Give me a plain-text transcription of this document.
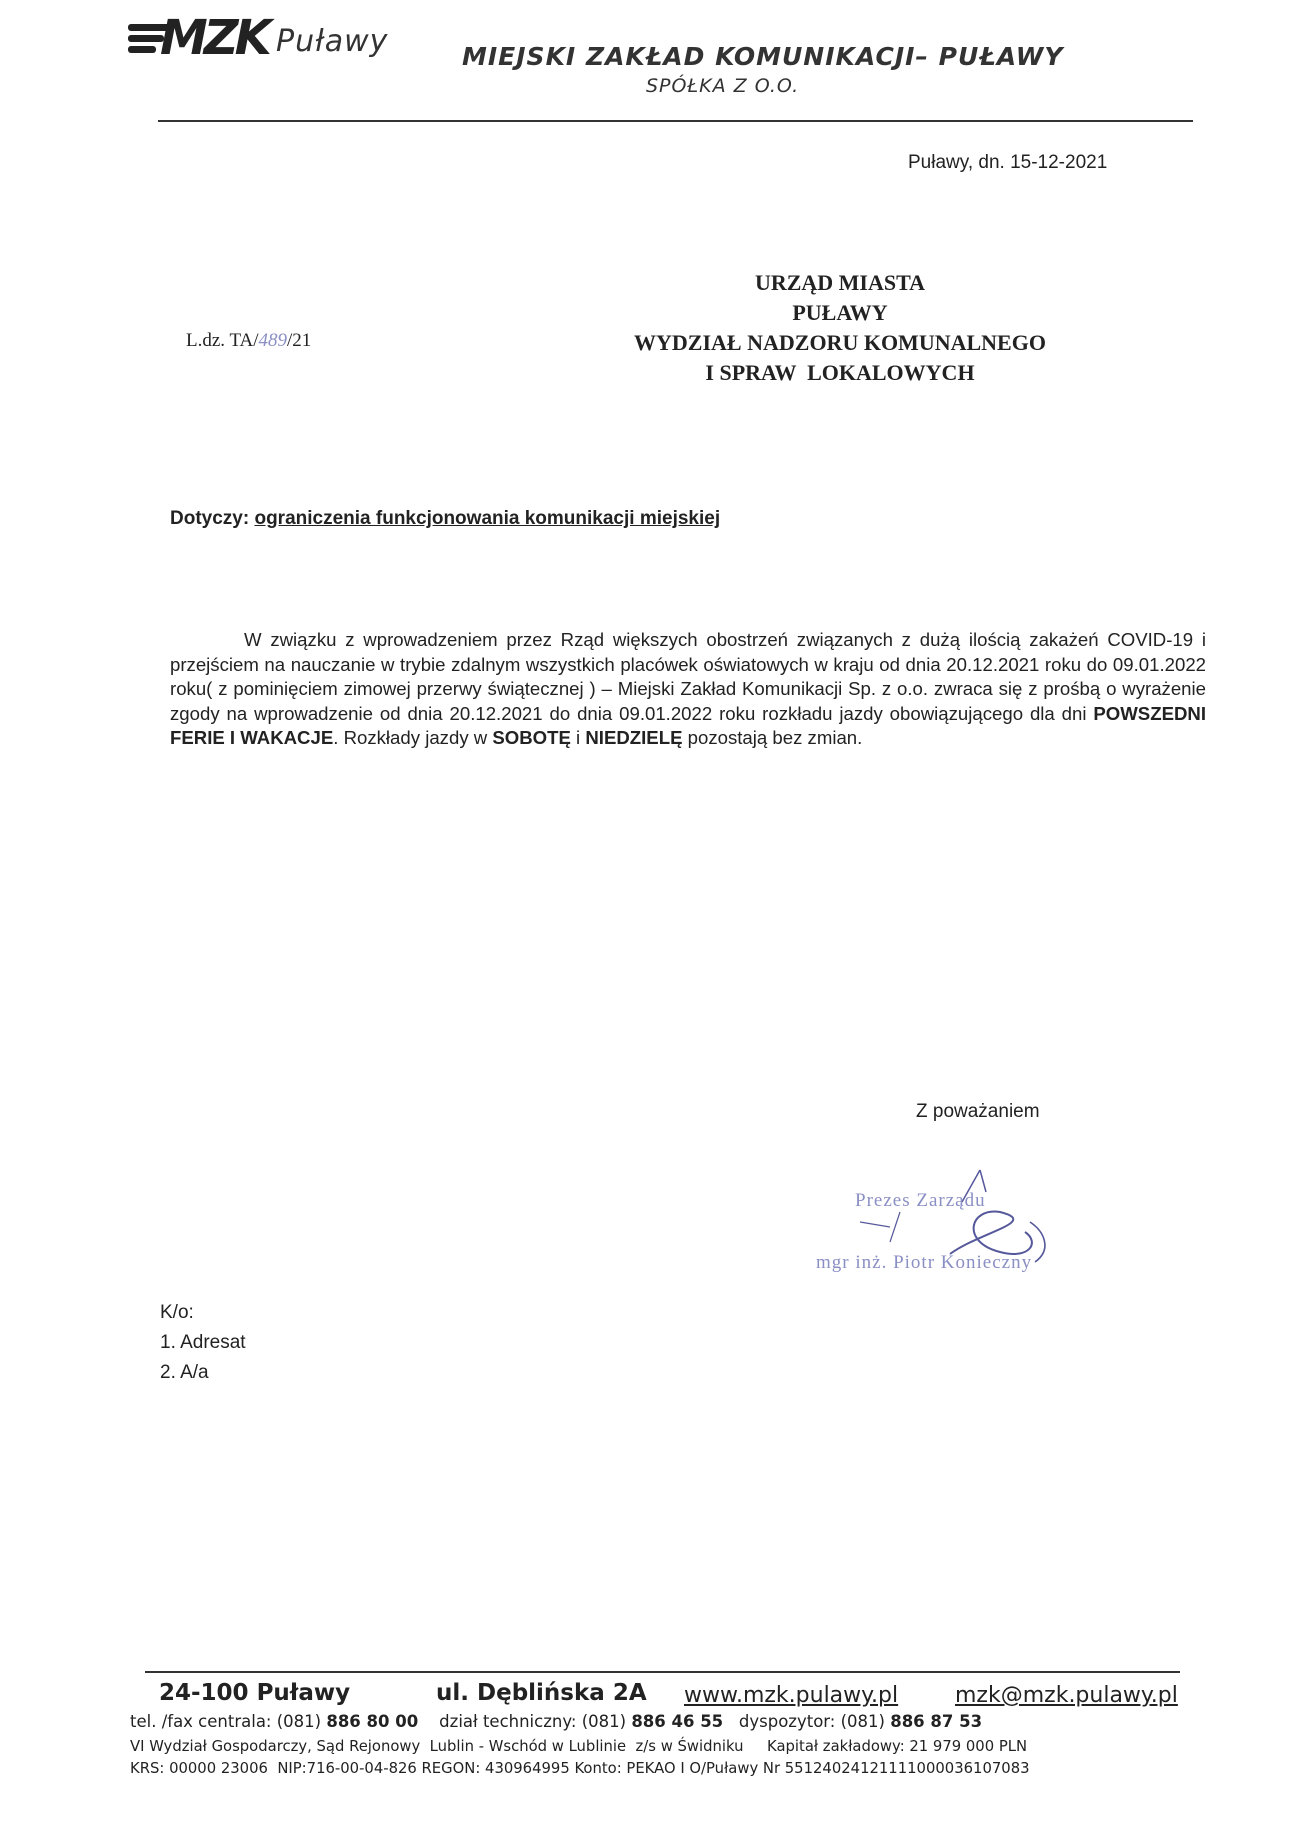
MZK Puławy	MIEJSKI ZAKŁAD KOMUNIKACJI– PUŁAWY
SPÓŁKA Z O.O.
Puławy, dn. 15-12-2021
L.dz. TA/489/21
URZĄD MIASTA
PUŁAWY
WYDZIAŁ NADZORU KOMUNALNEGO
I SPRAW  LOKALOWYCH
Dotyczy: ograniczenia funkcjonowania komunikacji miejskiej

W związku z wprowadzeniem przez Rząd większych obostrzeń związanych z dużą ilością zakażeń COVID-19 i przejściem na nauczanie w trybie zdalnym wszystkich placówek oświatowych w kraju od dnia 20.12.2021 roku do 09.01.2022 roku( z pominięciem zimowej przerwy świątecznej ) – Miejski Zakład Komunikacji Sp. z o.o. zwraca się z prośbą o wyrażenie zgody na wprowadzenie od dnia 20.12.2021 do dnia 09.01.2022 roku rozkładu jazdy obowiązującego dla dni POWSZEDNI FERIE I WAKACJE. Rozkłady jazdy w SOBOTĘ i NIEDZIELĘ pozostają bez zmian.

Z poważaniem
Prezes Zarządu
mgr inż. Piotr Konieczny
K/o:
1. Adresat
2. A/a
24-100 Puławy	ul. Dęblińska 2A www.mzk.pulawy.pl	mzk@mzk.pulawy.pl
tel. /fax centrala: (081) 886 80 00    dział techniczny: (081) 886 46 55   dyspozytor: (081) 886 87 53
VI Wydział Gospodarczy, Sąd Rejonowy  Lublin - Wschód w Lublinie  z/s w Świdniku     Kapitał zakładowy: 21 979 000 PLN
KRS: 00000 23006  NIP:716-00-04-826 REGON: 430964995 Konto: PEKAO I O/Puławy Nr 55124024121111000036107083
